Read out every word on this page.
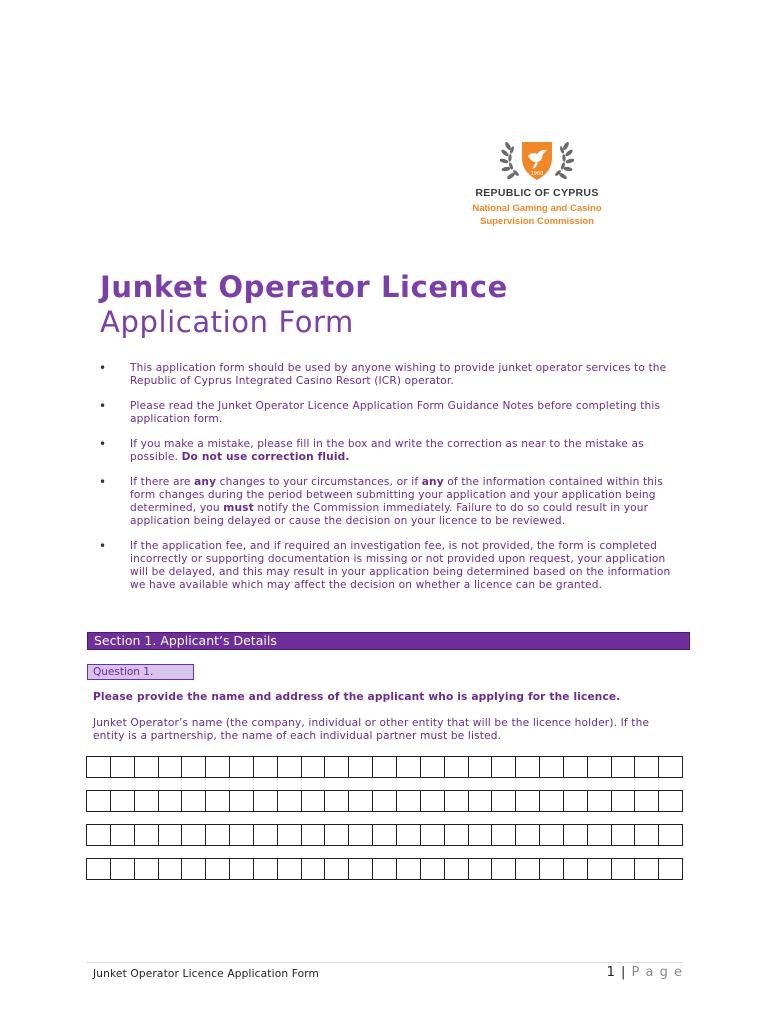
1960
REPUBLIC OF CYPRUS
National Gaming and Casino
Supervision Commission
Junket Operator Licence
Application Form
• This application form should be used by anyone wishing to provide junket operator services to the Republic of Cyprus Integrated Casino Resort (ICR) operator.
• Please read the Junket Operator Licence Application Form Guidance Notes before completing this application form.
• If you make a mistake, please fill in the box and write the correction as near to the mistake as possible. Do not use correction fluid.
• If there are any changes to your circumstances, or if any of the information contained within this form changes during the period between submitting your application and your application being determined, you must notify the Commission immediately. Failure to do so could result in your application being delayed or cause the decision on your licence to be reviewed.
• If the application fee, and if required an investigation fee, is not provided, the form is completed incorrectly or supporting documentation is missing or not provided upon request, your application will be delayed, and this may result in your application being determined based on the information we have available which may affect the decision on whether a licence can be granted.
Section 1. Applicant’s Details
Question 1.

Please provide the name and address of the applicant who is applying for the licence.

Junket Operator’s name (the company, individual or other entity that will be the licence holder). If the entity is a partnership, the name of each individual partner must be listed.

Junket Operator Licence Application Form	1 | P a g e
